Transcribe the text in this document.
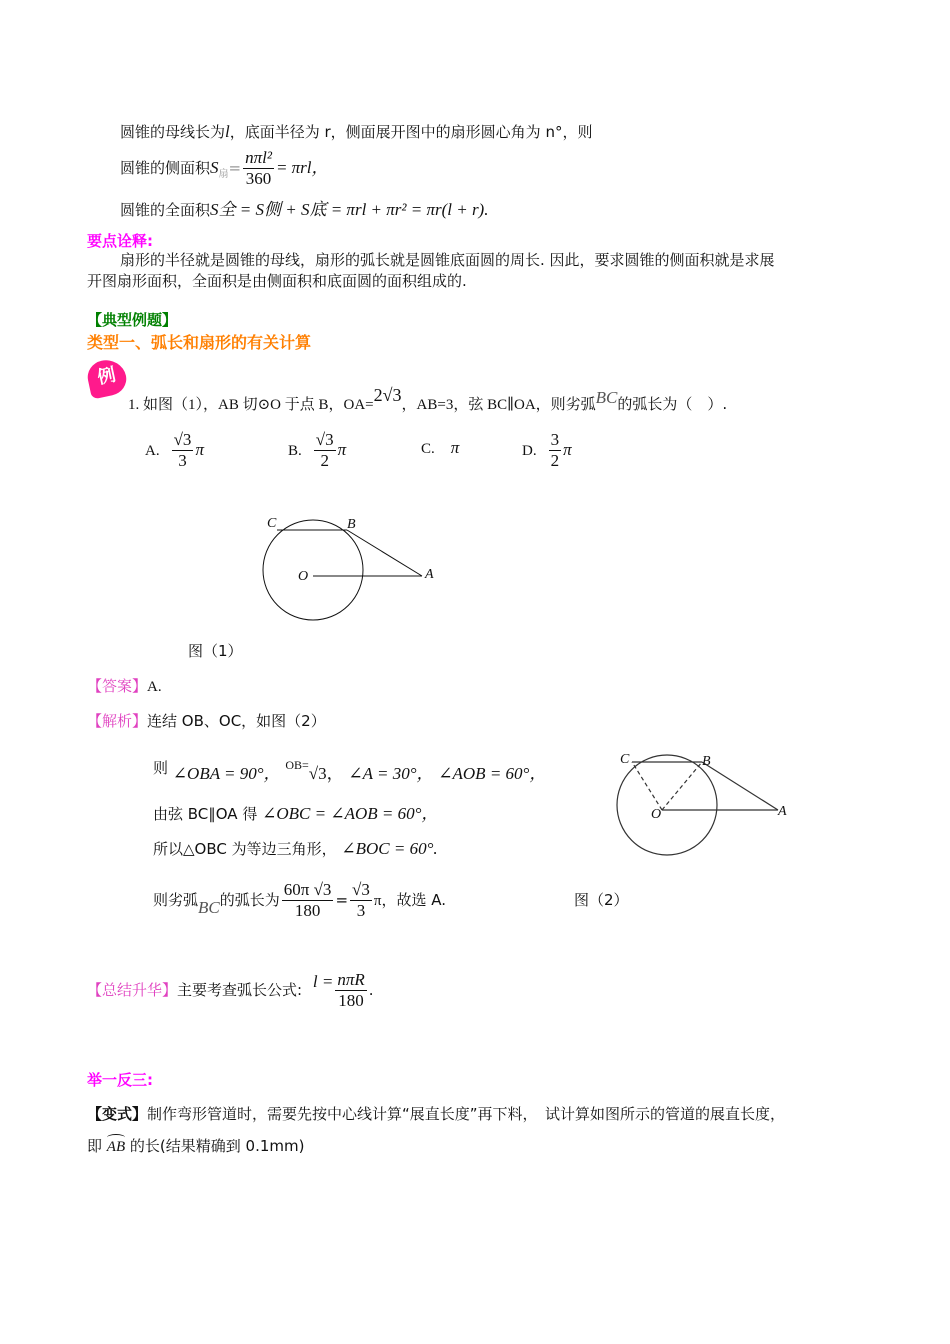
圆锥的母线长为l，底面半径为 r，侧面展开图中的扇形圆心角为 n°，则
圆锥的侧面积$S_扇= \frac{\text{nπl²}}{360} = \pi rl$，
圆锥的全面积S全 = S侧 + S底 = πrl + πr² = πr(l + r).
要点诠释:
扇形的半径就是圆锥的母线，扇形的弧长就是圆锥底面圆的周长. 因此，要求圆锥的侧面积就是求展
开图扇形面积，全面积是由侧面积和底面圆的面积组成的.
【典型例题】
类型一、弧长和扇形的有关计算
例
1. 如图（1），AB 切⊙O 于点 B，OA=2√3，AB=3，弦 BC∥OA，则劣弧BC的弧长为（　）.
A. $\frac{√3}{3}$ π	B. $\frac{√3}{2}$ π	C. π	D. $\frac{3}{2}$ π
C	B
O	A
图（1）
C	B
O	A
图（2）
【答案】A.
【解析】连结 OB、OC，如图（2）
则 ∠OBA = 90°， $^{OB=}$√3， ∠A = 30°， ∠AOB = 60°，
由弦 BC∥OA 得 ∠OBC = ∠AOB = 60°，
所以△OBC 为等边三角形， ∠BOC = 60°.
则劣弧BC的弧长为 $\frac{60\pi √3}{180} = \frac{√3}{3}$ π，故选 A.
【总结升华】主要考查弧长公式: $l = \frac{\text{nπR}}{180}$ .
举一反三:
【变式】制作弯形管道时，需要先按中心线计算“展直长度”再下料，　试计算如图所示的管道的展直长度，
即 AB 的长(结果精确到 0.1mm)
